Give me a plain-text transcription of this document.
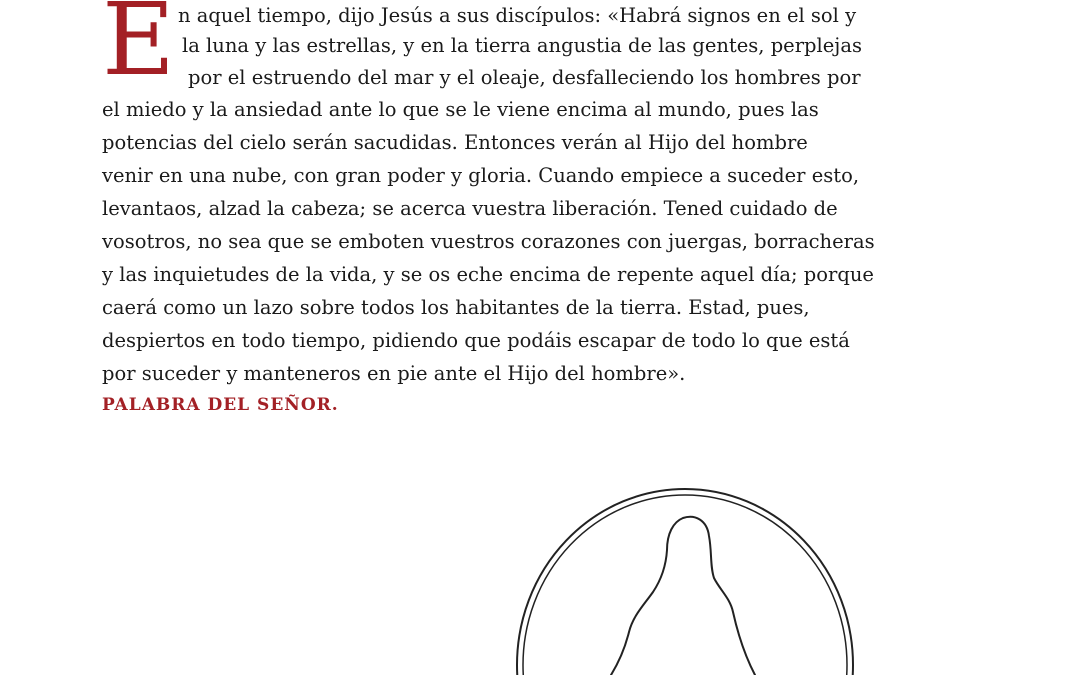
E n aquel tiempo, dijo Jesús a sus discípulos: «Habrá signos en el sol y
la luna y las estrellas, y en la tierra angustia de las gentes, perplejas
por el estruendo del mar y el oleaje, desfalleciendo los hombres por
el miedo y la ansiedad ante lo que se le viene encima al mundo, pues las
potencias del cielo serán sacudidas. Entonces verán al Hijo del hombre
venir en una nube, con gran poder y gloria. Cuando empiece a suceder esto,
levantaos, alzad la cabeza; se acerca vuestra liberación. Tened cuidado de
vosotros, no sea que se emboten vuestros corazones con juergas, borracheras
y las inquietudes de la vida, y se os eche encima de repente aquel día; porque
caerá como un lazo sobre todos los habitantes de la tierra. Estad, pues,
despiertos en todo tiempo, pidiendo que podáis escapar de todo lo que está
por suceder y manteneros en pie ante el Hijo del hombre».
PALABRA DEL SEÑOR.
